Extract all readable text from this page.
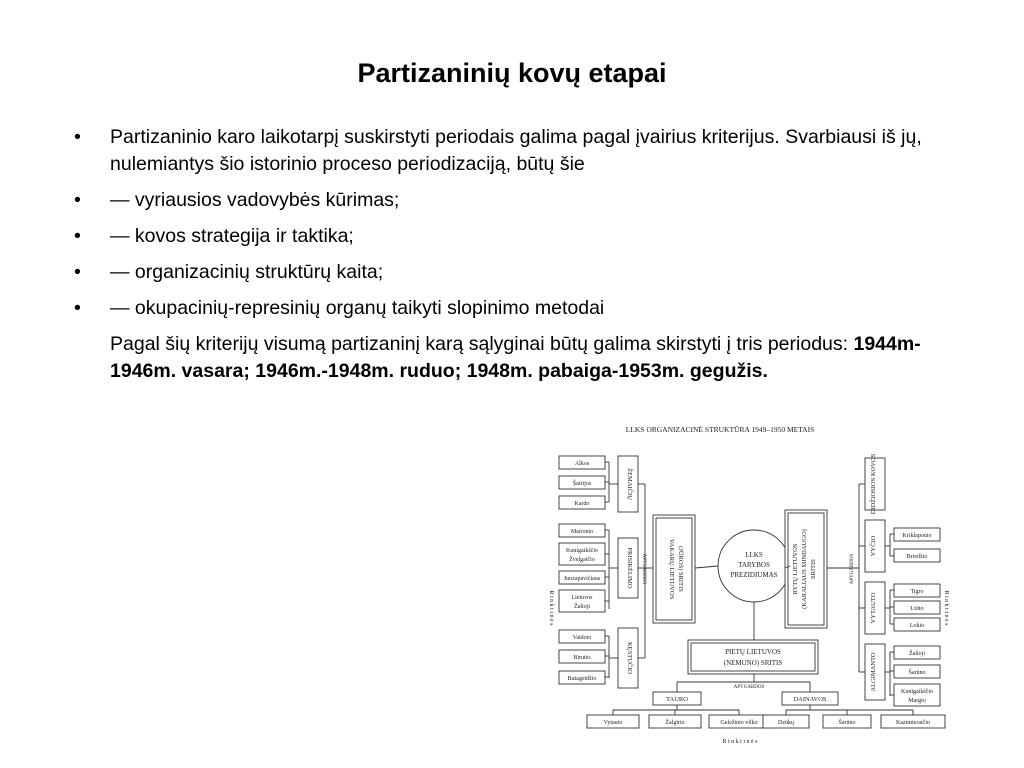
Partizaninių kovų etapai
• Partizaninio karo laikotarpį suskirstyti periodais galima pagal įvairius kriterijus. Svarbiausi iš jų, nulemiantys šio istorinio proceso periodizaciją, būtų šie
• — vyriausios vadovybės kūrimas;
• — kovos strategija ir taktika;
• — organizacinių struktūrų kaita;
• — okupacinių-represinių organų taikyti slopinimo metodai
Pagal šių kriterijų visumą partizaninį karą sąlyginai būtų galima skirstyti į tris periodus: 1944m-1946m. vasara; 1946m.-1948m. ruduo; 1948m. pabaiga-1953m. gegužis.
LLKS ORGANIZACINĖ STRUKTŪRA 1949–1950 METAIS
LLKS
TARYBOS
PREZIDIUMAS
VAKARŲ LIETUVOS (JŪROS) SRITIS	RYTŲ LIETUVOS (KARALIAUS MINDAUGO) SRITIS
PIETŲ LIETUVOS
(NEMUNO) SRITIS
APYGARDOS	APYGARDOS
APYGARDOS
R i n k t i n ė s	R i n k t i n ė s
R i n k t i n ė s
ŽEMAIČIŲ
PRISIKĖLIMO
KĘSTUČIO
Alkos
Šatrijos
Kardo
Maironio
Kunigaikščio
Žvelgaičio
Juozapavičiaus
Lietuvos
Žalioji
Vaidoto
Birutės
Butageidžio
DIDŽIOSIOS KOVOS
VYČIO
VYTAUTO
ALGIMANTO
Kriklaponio
Briedžio
Tigro
Liūto
Lokio
Žalioji
Šarūno
Kunigaikščio
Margio
TAURO	DAINAVOS
Vytauto	Žalgirio	Geležinio vilko	Dzūkų	Šarūno	Kazimieraičio
